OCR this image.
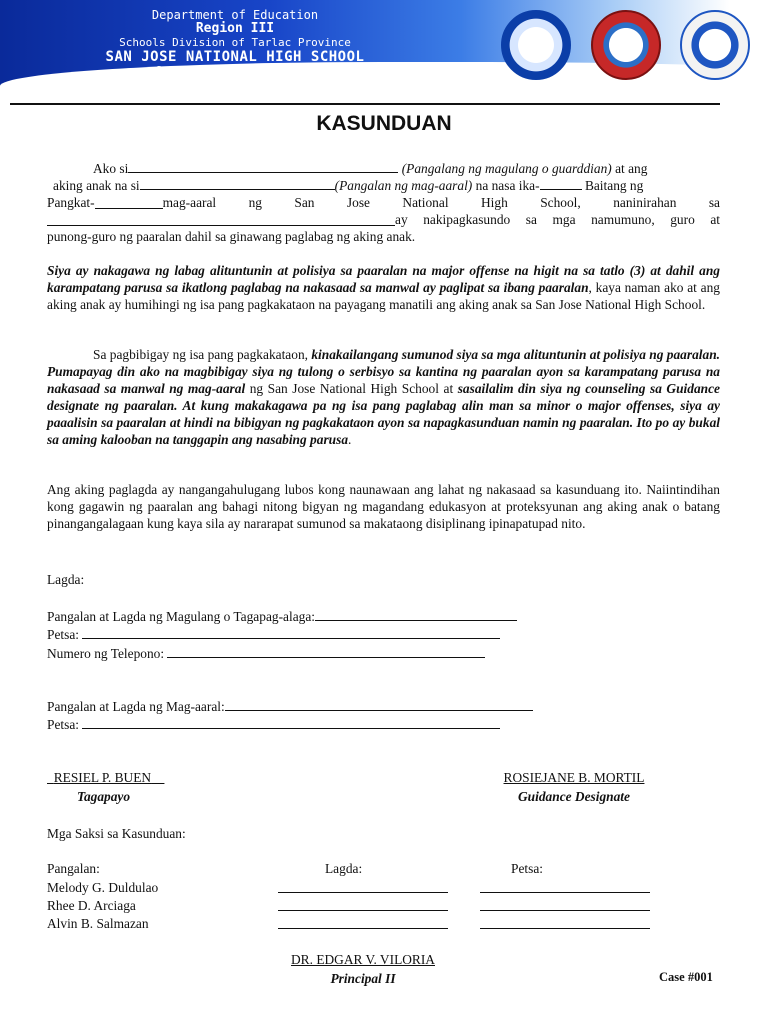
Department of Education
Region III
Schools Division of Tarlac Province
SAN JOSE NATIONAL HIGH SCHOOL
San Jose, Gerona, Tarlac
KASUNDUAN
Ako si	(Pangalang ng magulang o guarddian) at ang
aking anak na si	(Pangalan ng mag-aaral) na nasa ika-	Baitang ng
Pangkat-	mag-aaral ng San Jose National High School, naninirahan sa
ay nakipagkasundo sa mga namumuno, guro at
punong-guro ng paaralan dahil sa ginawang paglabag ng aking anak.
Siya ay nakagawa ng labag alituntunin at polisiya sa paaralan na major offense na higit na sa tatlo (3) at dahil ang karampatang parusa sa ikatlong paglabag na nakasaad sa manwal ay paglipat sa ibang paaralan, kaya naman ako at ang aking anak ay humihingi ng isa pang pagkakataon na payagang manatili ang aking anak sa San Jose National High School.
Sa pagbibigay ng isa pang pagkakataon, kinakailangang sumunod siya sa mga alituntunin at polisiya ng paaralan. Pumapayag din ako na magbibigay siya ng tulong o serbisyo sa kantina ng paaralan ayon sa karampatang parusa na nakasaad sa manwal ng mag-aaral ng San Jose National High School at sasailalim din siya ng counseling sa Guidance designate ng paaralan. At kung makakagawa pa ng isa pang paglabag alin man sa minor o major offenses, siya ay paaalisin sa paaralan at hindi na bibigyan ng pagkakataon ayon sa napagkasunduan namin ng paaralan. Ito po ay bukal sa aming kalooban na tanggapin ang nasabing parusa.
Ang aking paglagda ay nangangahulugang lubos kong naunawaan ang lahat ng nakasaad sa kasunduang ito. Naiintindihan kong gagawin ng paaralan ang bahagi nitong bigyan ng magandang edukasyon at proteksyunan ang aking anak o batang pinangangalagaan kung kaya sila ay nararapat sumunod sa makataong disiplinang ipinapatupad nito.
Lagda:
Pangalan at Lagda ng Magulang o Tagapag-alaga:
Petsa:
Numero ng Telepono:
Pangalan at Lagda ng Mag-aaral:
Petsa:
RESIEL P. BUEN
Tagapayo
ROSIEJANE B. MORTIL
Guidance Designate
Mga Saksi sa Kasunduan:
Pangalan:	Lagda:	Petsa:
Melody G. Duldulao
Rhee D. Arciaga
Alvin B. Salmazan
DR. EDGAR V. VILORIA
Principal II	Case #001
